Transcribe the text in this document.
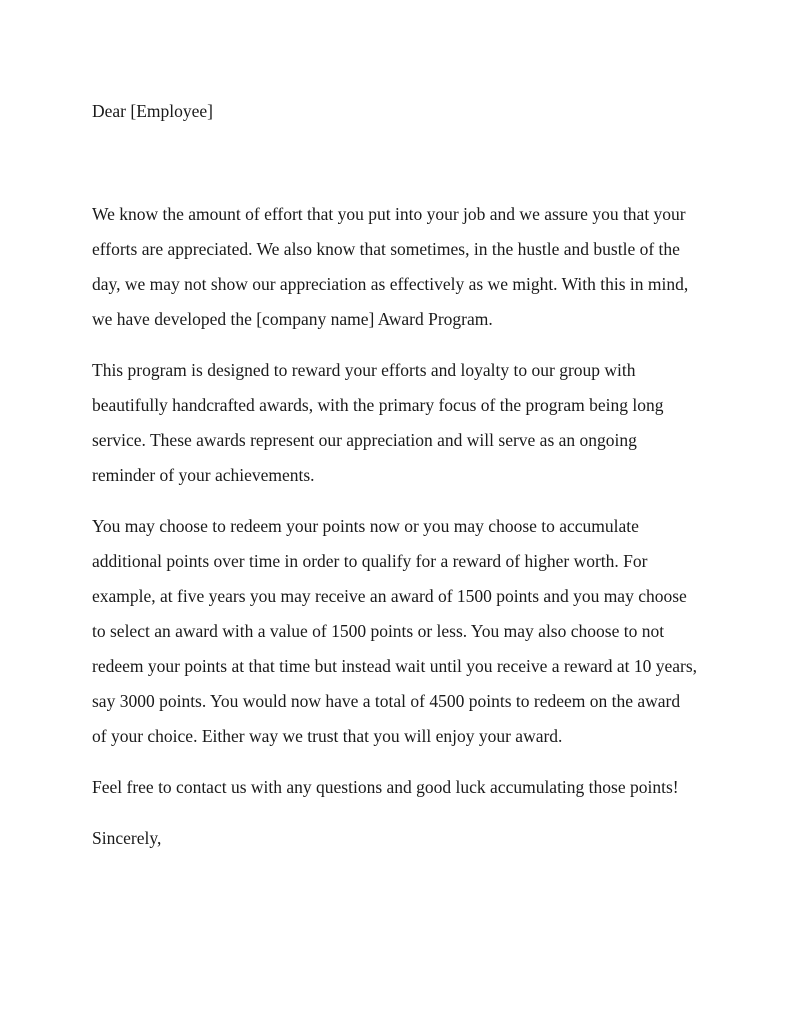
Dear [Employee]

We know the amount of effort that you put into your job and we assure you that your efforts are appreciated. We also know that sometimes, in the hustle and bustle of the day, we may not show our appreciation as effectively as we might. With this in mind, we have developed the [company name] Award Program.

This program is designed to reward your efforts and loyalty to our group with beautifully handcrafted awards, with the primary focus of the program being long service. These awards represent our appreciation and will serve as an ongoing reminder of your achievements.

You may choose to redeem your points now or you may choose to accumulate additional points over time in order to qualify for a reward of higher worth. For example, at five years you may receive an award of 1500 points and you may choose to select an award with a value of 1500 points or less. You may also choose to not redeem your points at that time but instead wait until you receive a reward at 10 years, say 3000 points. You would now have a total of 4500 points to redeem on the award of your choice. Either way we trust that you will enjoy your award.

Feel free to contact us with any questions and good luck accumulating those points!

Sincerely,
